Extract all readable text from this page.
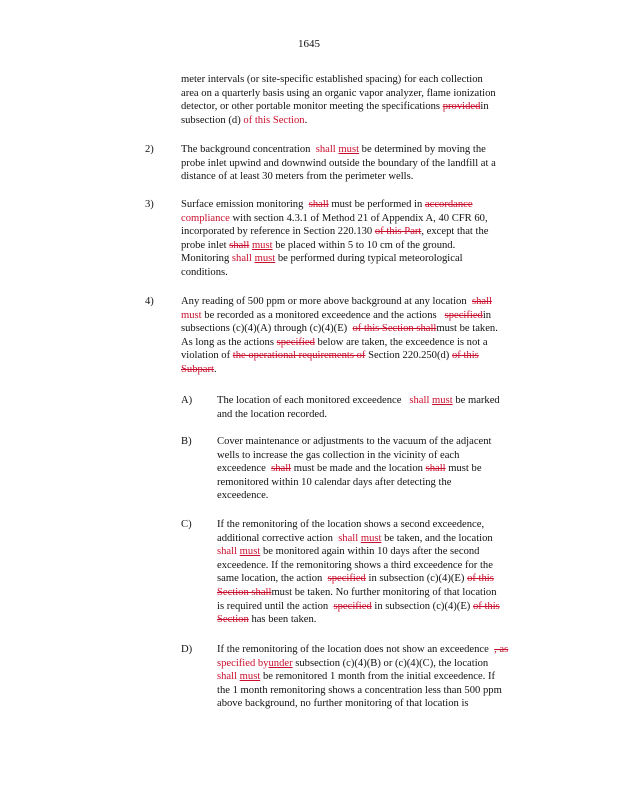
1645
meter intervals (or site-specific established spacing) for each collection
area on a quarterly basis using an organic vapor analyzer, flame ionization
detector, or other portable monitor meeting the specifications providedin
subsection (d) of this Section.
2)	The background concentration shall must be determined by moving the
probe inlet upwind and downwind outside the boundary of the landfill at a
distance of at least 30 meters from the perimeter wells.
3)	Surface emission monitoring shall must be performed in accordance
compliance with section 4.3.1 of Method 21 of Appendix A, 40 CFR 60,
incorporated by reference in Section 220.130 of this Part, except that the
probe inlet shall must be placed within 5 to 10 cm of the ground.
Monitoring shall must be performed during typical meteorological
conditions.
4)	Any reading of 500 ppm or more above background at any location shall
must be recorded as a monitored exceedence and the actions specifiedin
subsections (c)(4)(A) through (c)(4)(E) of this Section shallmust be taken.
As long as the actions specified below are taken, the exceedence is not a
violation of the operational requirements of Section 220.250(d) of this
Subpart.
A) The location of each monitored exceedence shall must be marked
and the location recorded.
B) Cover maintenance or adjustments to the vacuum of the adjacent
wells to increase the gas collection in the vicinity of each
exceedence shall must be made and the location shall must be
remonitored within 10 calendar days after detecting the
exceedence.
C) If the remonitoring of the location shows a second exceedence,
additional corrective action shall must be taken, and the location
shall must be monitored again within 10 days after the second
exceedence. If the remonitoring shows a third exceedence for the
same location, the action specified in subsection (c)(4)(E) of this
Section shallmust be taken. No further monitoring of that location
is required until the action specified in subsection (c)(4)(E) of this
Section has been taken.
D) If the remonitoring of the location does not show an exceedence , as
specified byunder subsection (c)(4)(B) or (c)(4)(C), the location
shall must be remonitored 1 month from the initial exceedence. If
the 1 month remonitoring shows a concentration less than 500 ppm
above background, no further monitoring of that location is
